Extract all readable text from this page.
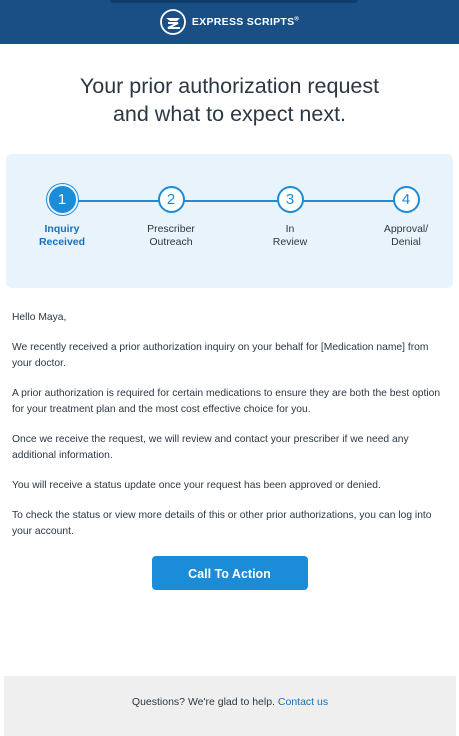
EXPRESS SCRIPTS®
Your prior authorization request
and what to expect next.
1
Inquiry
Received
2
Prescriber
Outreach
3
In
Review
4
Approval/
Denial

Hello Maya,

We recently received a prior authorization inquiry on your behalf for [Medication name] from your doctor.

A prior authorization is required for certain medications to ensure they are both the best option for your treatment plan and the most cost effective choice for you.

Once we receive the request, we will review and contact your prescriber if we need any additional information.

You will receive a status update once your request has been approved or denied.

To check the status or view more details of this or other prior authorizations, you can log into your account.

Call To Action
Questions? We're glad to help. Contact us
